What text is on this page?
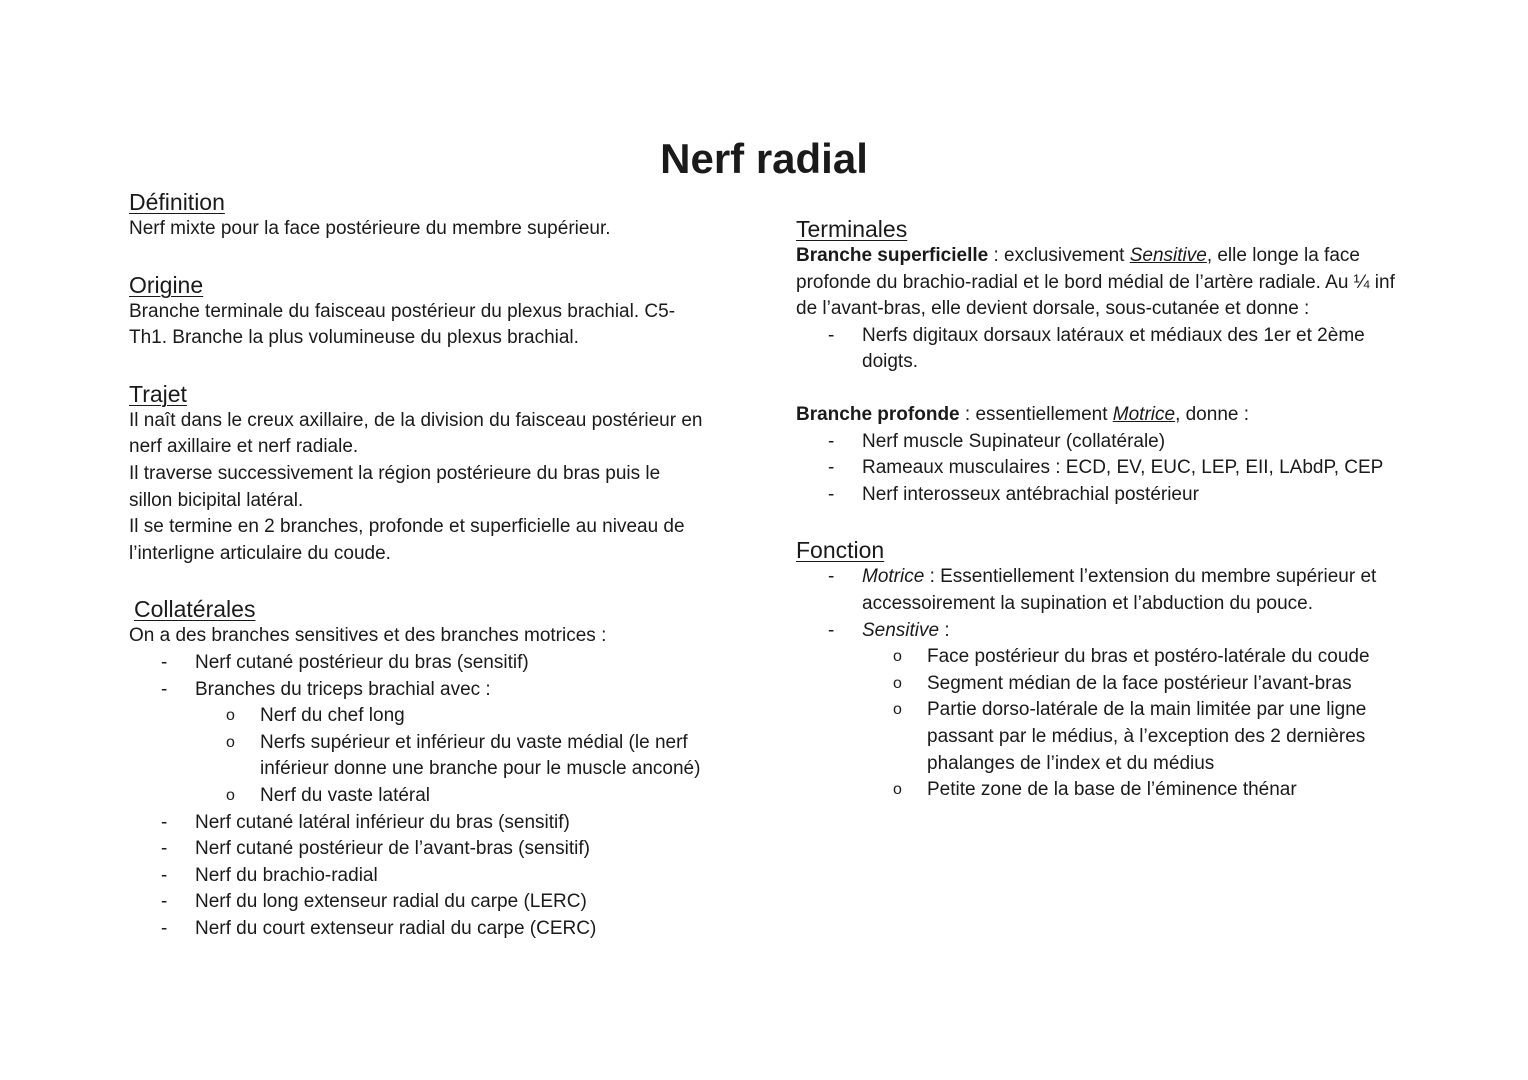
Nerf radial
Définition

Nerf mixte pour la face postérieure du membre supérieur.

Origine

Branche terminale du faisceau postérieur du plexus brachial. C5-Th1. Branche la plus volumineuse du plexus brachial.

Trajet

Il naît dans le creux axillaire, de la division du faisceau postérieur en nerf axillaire et nerf radiale.

Il traverse successivement la région postérieure du bras puis le sillon bicipital latéral.

Il se termine en 2 branches, profonde et superficielle au niveau de l’interligne articulaire du coude.

Collatérales

On a des branches sensitives et des branches motrices :

- Nerf cutané postérieur du bras (sensitif)
- Branches du triceps brachial avec :
o Nerf du chef long
o Nerfs supérieur et inférieur du vaste médial (le nerf inférieur donne une branche pour le muscle anconé)
o Nerf du vaste latéral
- Nerf cutané latéral inférieur du bras (sensitif)
- Nerf cutané postérieur de l’avant-bras (sensitif)
- Nerf du brachio-radial
- Nerf du long extenseur radial du carpe (LERC)
- Nerf du court extenseur radial du carpe (CERC)
Terminales

Branche superficielle : exclusivement Sensitive, elle longe la face profonde du brachio-radial et le bord médial de l’artère radiale. Au ¼ inf de l’avant-bras, elle devient dorsale, sous-cutanée et donne :

- Nerfs digitaux dorsaux latéraux et médiaux des 1er et 2ème doigts.

Branche profonde : essentiellement Motrice, donne :

- Nerf muscle Supinateur (collatérale)
- Rameaux musculaires : ECD, EV, EUC, LEP, EII, LAbdP, CEP
- Nerf interosseux antébrachial postérieur
Fonction
- Motrice : Essentiellement l’extension du membre supérieur et accessoirement la supination et l’abduction du pouce.
- Sensitive :
o Face postérieur du bras et postéro-latérale du coude
o Segment médian de la face postérieur l’avant-bras
o Partie dorso-latérale de la main limitée par une ligne passant par le médius, à l’exception des 2 dernières phalanges de l’index et du médius
o Petite zone de la base de l’éminence thénar
